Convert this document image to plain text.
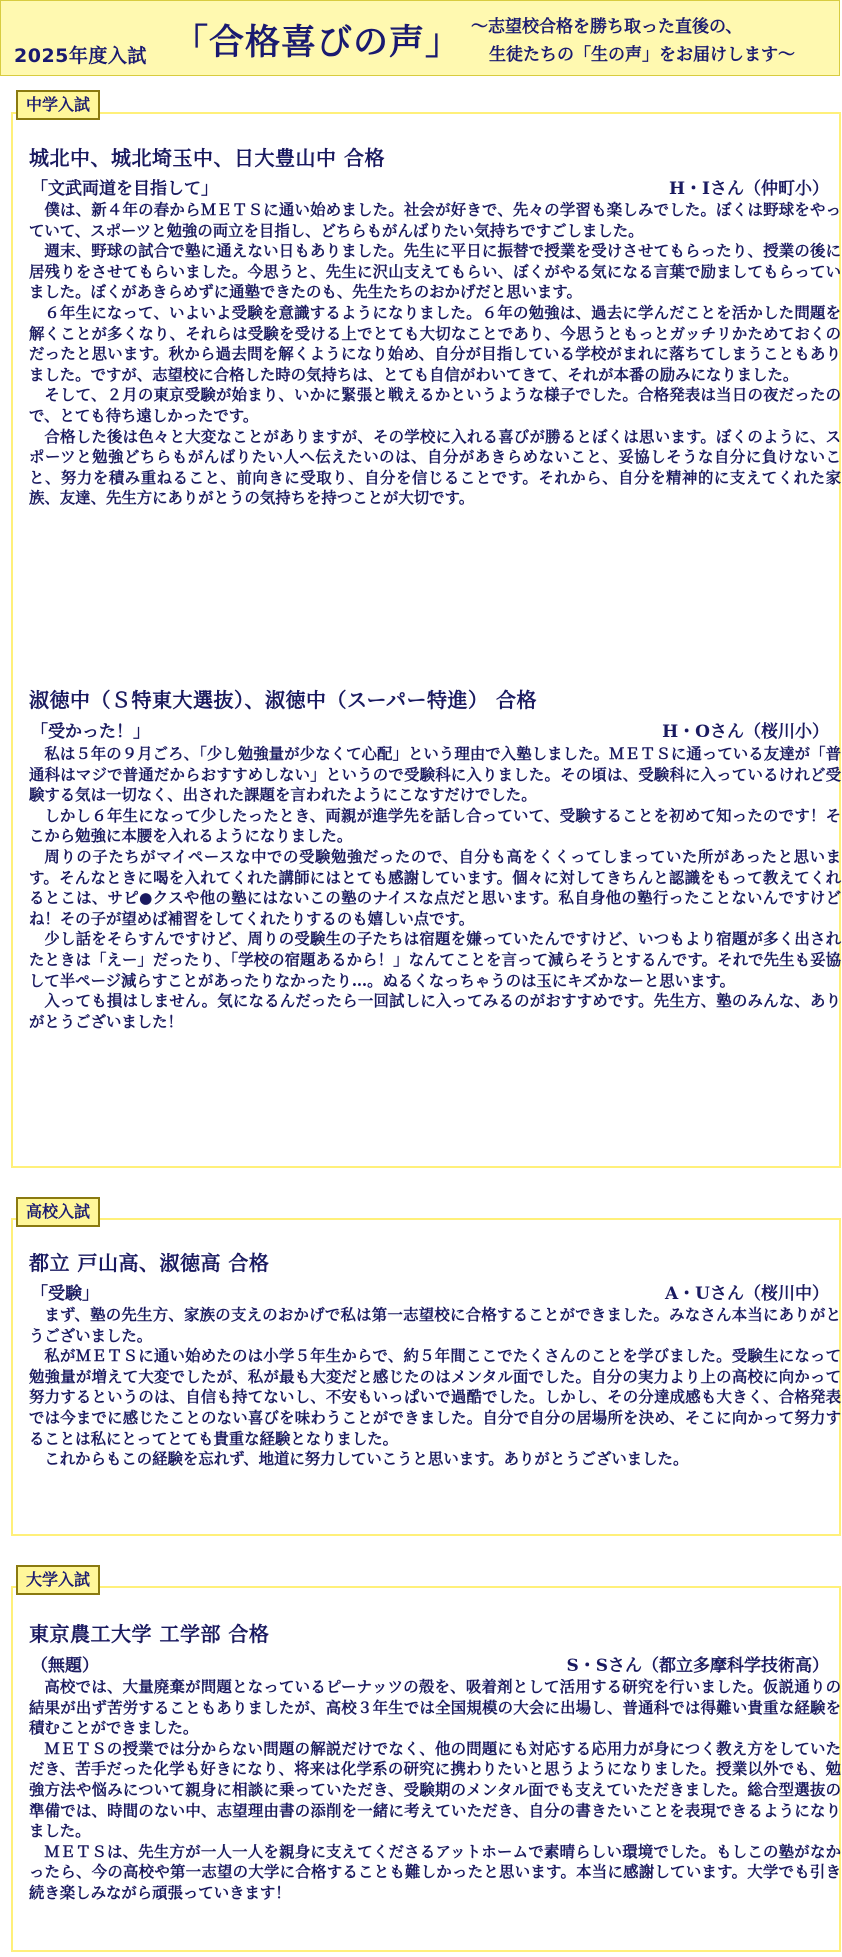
2025年度入試 「合格喜びの声」 ～志望校合格を勝ち取った直後の、
生徒たちの「生の声」をお届けします～
中学入試
城北中、城北埼玉中、日大豊山中 合格
「文武両道を目指して」	H・Iさん（仲町小）

僕は、新４年の春からＭＥＴＳに通い始めました。社会が好きで、先々の学習も楽しみでした。ぼくは野球をやっていて、スポーツと勉強の両立を目指し、どちらもがんばりたい気持ちですごしました。

週末、野球の試合で塾に通えない日もありました。先生に平日に振替で授業を受けさせてもらったり、授業の後に居残りをさせてもらいました。今思うと、先生に沢山支えてもらい、ぼくがやる気になる言葉で励ましてもらっていました。ぼくがあきらめずに通塾できたのも、先生たちのおかげだと思います。

６年生になって、いよいよ受験を意識するようになりました。６年の勉強は、過去に学んだことを活かした問題を解くことが多くなり、それらは受験を受ける上でとても大切なことであり、今思うともっとガッチリかためておくのだったと思います。秋から過去問を解くようになり始め、自分が目指している学校がまれに落ちてしまうこともありました。ですが、志望校に合格した時の気持ちは、とても自信がわいてきて、それが本番の励みになりました。

そして、２月の東京受験が始まり、いかに緊張と戦えるかというような様子でした。合格発表は当日の夜だったので、とても待ち遠しかったです。

合格した後は色々と大変なことがありますが、その学校に入れる喜びが勝るとぼくは思います。ぼくのように、スポーツと勉強どちらもがんばりたい人へ伝えたいのは、自分があきらめないこと、妥協しそうな自分に負けないこと、努力を積み重ねること、前向きに受取り、自分を信じることです。それから、自分を精神的に支えてくれた家族、友達、先生方にありがとうの気持ちを持つことが大切です。

淑徳中（Ｓ特東大選抜）、淑徳中（スーパー特進） 合格
「受かった！」	H・Oさん（桜川小）

私は５年の９月ごろ、「少し勉強量が少なくて心配」という理由で入塾しました。ＭＥＴＳに通っている友達が「普通科はマジで普通だからおすすめしない」というので受験科に入りました。その頃は、受験科に入っているけれど受験する気は一切なく、出された課題を言われたようにこなすだけでした。

しかし６年生になって少したったとき、両親が進学先を話し合っていて、受験することを初めて知ったのです！そこから勉強に本腰を入れるようになりました。

周りの子たちがマイペースな中での受験勉強だったので、自分も高をくくってしまっていた所があったと思います。そんなときに喝を入れてくれた講師にはとても感謝しています。個々に対してきちんと認識をもって教えてくれるとこは、サピ●クスや他の塾にはないこの塾のナイスな点だと思います。私自身他の塾行ったことないんですけどね！その子が望めば補習をしてくれたりするのも嬉しい点です。

少し話をそらすんですけど、周りの受験生の子たちは宿題を嫌っていたんですけど、いつもより宿題が多く出されたときは「えー」だったり、「学校の宿題あるから！」なんてことを言って減らそうとするんです。それで先生も妥協して半ページ減らすことがあったりなかったり…。ぬるくなっちゃうのは玉にキズかなーと思います。

入っても損はしません。気になるんだったら一回試しに入ってみるのがおすすめです。先生方、塾のみんな、ありがとうございました！

高校入試
都立 戸山高、淑徳高 合格
「受験」	A・Uさん（桜川中）

まず、塾の先生方、家族の支えのおかげで私は第一志望校に合格することができました。みなさん本当にありがとうございました。

私がＭＥＴＳに通い始めたのは小学５年生からで、約５年間ここでたくさんのことを学びました。受験生になって勉強量が増えて大変でしたが、私が最も大変だと感じたのはメンタル面でした。自分の実力より上の高校に向かって努力するというのは、自信も持てないし、不安もいっぱいで過酷でした。しかし、その分達成感も大きく、合格発表では今までに感じたことのない喜びを味わうことができました。自分で自分の居場所を決め、そこに向かって努力することは私にとってとても貴重な経験となりました。

これからもこの経験を忘れず、地道に努力していこうと思います。ありがとうございました。

大学入試
東京農工大学 工学部 合格
（無題）	S・Sさん（都立多摩科学技術高）

高校では、大量廃棄が問題となっているピーナッツの殻を、吸着剤として活用する研究を行いました。仮説通りの結果が出ず苦労することもありましたが、高校３年生では全国規模の大会に出場し、普通科では得難い貴重な経験を積むことができました。

ＭＥＴＳの授業では分からない問題の解説だけでなく、他の問題にも対応する応用力が身につく教え方をしていただき、苦手だった化学も好きになり、将来は化学系の研究に携わりたいと思うようになりました。授業以外でも、勉強方法や悩みについて親身に相談に乗っていただき、受験期のメンタル面でも支えていただきました。総合型選抜の準備では、時間のない中、志望理由書の添削を一緒に考えていただき、自分の書きたいことを表現できるようになりました。

ＭＥＴＳは、先生方が一人一人を親身に支えてくださるアットホームで素晴らしい環境でした。もしこの塾がなかったら、今の高校や第一志望の大学に合格することも難しかったと思います。本当に感謝しています。大学でも引き続き楽しみながら頑張っていきます！
